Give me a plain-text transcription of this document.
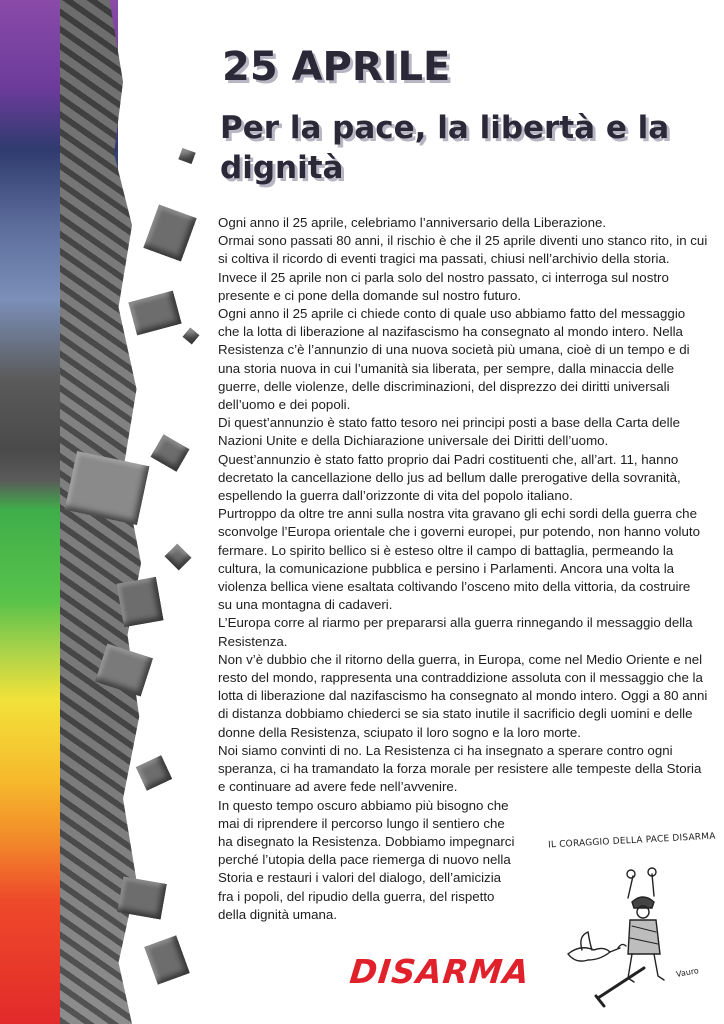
25 APRILE
Per la pace, la libertà e la dignità

Ogni anno il 25 aprile, celebriamo l’anniversario della Liberazione.

Ormai sono passati 80 anni, il rischio è che il 25 aprile diventi uno stanco rito, in cui si coltiva il ricordo di eventi tragici ma passati, chiusi nell’archivio della storia. Invece il 25 aprile non ci parla solo del nostro passato, ci interroga sul nostro presente e ci pone della domande sul nostro futuro.

Ogni anno il 25 aprile ci chiede conto di quale uso abbiamo fatto del messaggio che la lotta di liberazione al nazifascismo ha consegnato al mondo intero. Nella Resistenza c’è l’annunzio di una nuova società più umana, cioè di un tempo e di una storia nuova in cui l’umanità sia liberata, per sempre, dalla minaccia delle guerre, delle violenze, delle discriminazioni, del disprezzo dei diritti universali dell’uomo e dei popoli.

Di quest’annunzio è stato fatto tesoro nei principi posti a base della Carta delle Nazioni Unite e della Dichiarazione universale dei Diritti dell’uomo.

Quest’annunzio è stato fatto proprio dai Padri costituenti che, all’art. 11, hanno decretato la cancellazione dello jus ad bellum dalle prerogative della sovranità, espellendo la guerra dall’orizzonte di vita del popolo italiano.

Purtroppo da oltre tre anni sulla nostra vita gravano gli echi sordi della guerra che sconvolge l’Europa orientale che i governi europei, pur potendo, non hanno voluto fermare. Lo spirito bellico si è esteso oltre il campo di battaglia, permeando la cultura, la comunicazione pubblica e persino i Parlamenti. Ancora una volta la violenza bellica viene esaltata coltivando l’osceno mito della vittoria, da costruire su una montagna di cadaveri.

L’Europa corre al riarmo per prepararsi alla guerra rinnegando il messaggio della Resistenza.

Non v’è dubbio che il ritorno della guerra, in Europa, come nel Medio Oriente e nel resto del mondo, rappresenta una contraddizione assoluta con il messaggio che la lotta di liberazione dal nazifascismo ha consegnato al mondo intero. Oggi a 80 anni di distanza dobbiamo chiederci se sia stato inutile il sacrificio degli uomini e delle donne della Resistenza, sciupato il loro sogno e la loro morte.

Noi siamo convinti di no. La Resistenza ci ha insegnato a sperare contro ogni speranza, ci ha tramandato la forza morale per resistere alle tempeste della Storia e continuare ad avere fede nell’avvenire.

In questo tempo oscuro abbiamo più bisogno che mai di riprendere il percorso lungo il sentiero che ha disegnato la Resistenza. Dobbiamo impegnarci perché l’utopia della pace riemerga di nuovo nella Storia e restauri i valori del dialogo, dell’amicizia fra i popoli, del ripudio della guerra, del rispetto della dignità umana.

IL CORAGGIO DELLA PACE DISARMA
Vauro
DISARMA
